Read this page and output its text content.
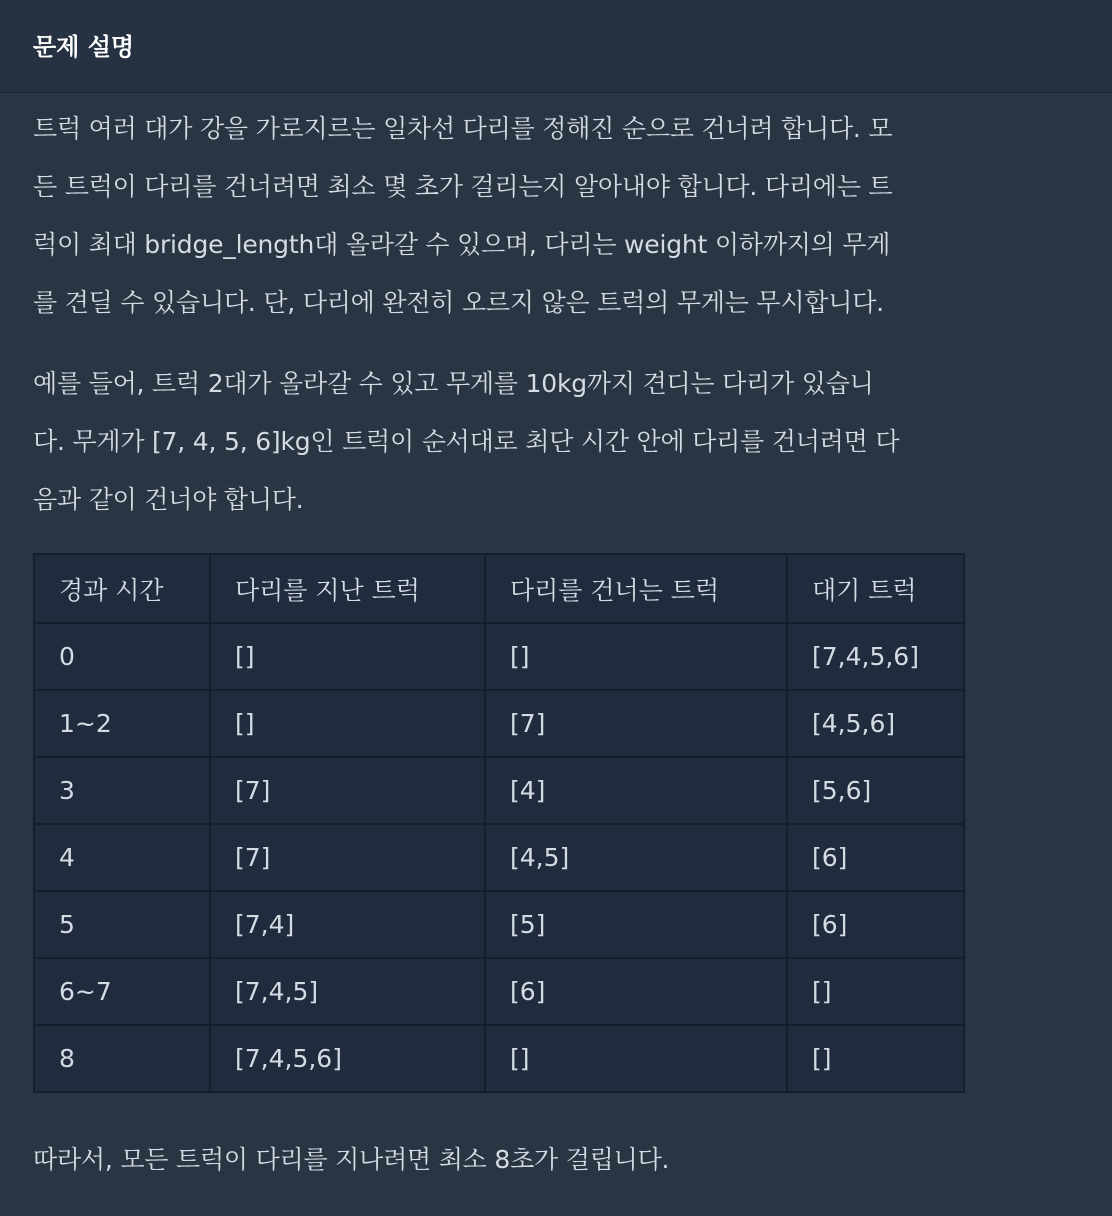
문제 설명

트럭 여러 대가 강을 가로지르는 일차선 다리를 정해진 순으로 건너려 합니다. 모
든 트럭이 다리를 건너려면 최소 몇 초가 걸리는지 알아내야 합니다. 다리에는 트
럭이 최대 bridge_length대 올라갈 수 있으며, 다리는 weight 이하까지의 무게
를 견딜 수 있습니다. 단, 다리에 완전히 오르지 않은 트럭의 무게는 무시합니다.

예를 들어, 트럭 2대가 올라갈 수 있고 무게를 10kg까지 견디는 다리가 있습니
다. 무게가 [7, 4, 5, 6]kg인 트럭이 순서대로 최단 시간 안에 다리를 건너려면 다
음과 같이 건너야 합니다.

경과 시간	다리를 지난 트럭	다리를 건너는 트럭	대기 트럭
0	[]	[]	[7,4,5,6]
1~2	[]	[7]	[4,5,6]
3	[7]	[4]	[5,6]
4	[7]	[4,5]	[6]
5	[7,4]	[5]	[6]
6~7	[7,4,5]	[6]	[]
8	[7,4,5,6]	[]	[]

따라서, 모든 트럭이 다리를 지나려면 최소 8초가 걸립니다.
